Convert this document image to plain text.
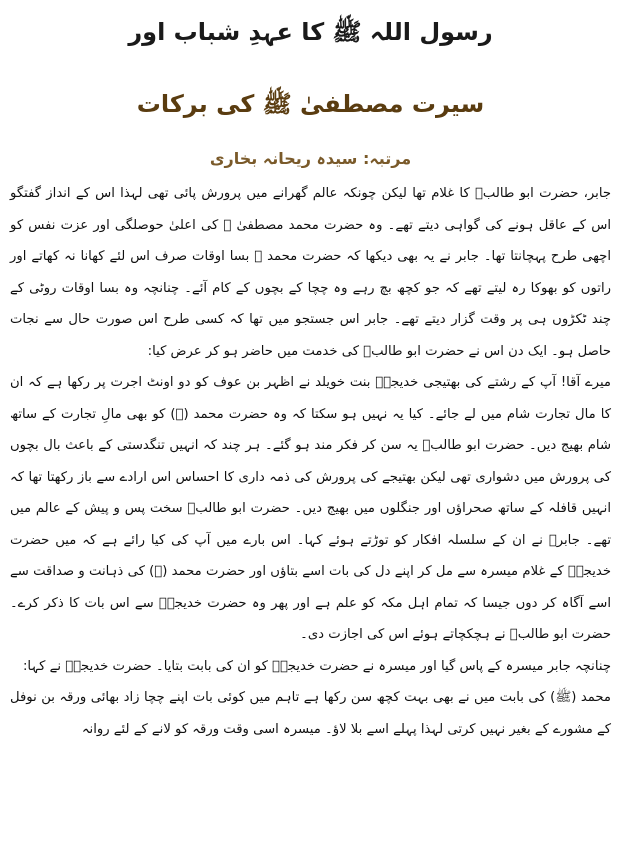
رسول اللہ ﷺ کا عہدِ شباب اور
سیرت مصطفیٰ ﷺ کی برکات
مرتبہ: سیدہ ریحانہ بخاری

جابر، حضرت ابو طالبؓ کا غلام تھا لیکن چونکہ عالم گھرانے میں پرورش پائی تھی لہذا اس کے انداز گفتگو اس کے عاقل ہونے کی گواہی دیتے تھے۔ وہ حضرت محمد مصطفیٰ ﷺ کی اعلیٰ حوصلگی اور عزت نفس کو اچھی طرح پہچانتا تھا۔ جابر نے یہ بھی دیکھا کہ حضرت محمد ﷺ بسا اوقات صرف اس لئے کھانا نہ کھاتے اور راتوں کو بھوکا رہ لیتے تھے کہ جو کچھ بچ رہے وہ چچا کے بچوں کے کام آئے۔ چنانچہ وہ بسا اوقات روٹی کے چند ٹکڑوں ہی پر وقت گزار دیتے تھے۔ جابر اس جستجو میں تھا کہ کسی طرح اس صورت حال سے نجات حاصل ہو۔ ایک دن اس نے حضرت ابو طالبؓ کی خدمت میں حاضر ہو کر عرض کیا:

میرے آقا! آپ کے رشتے کی بھتیجی خدیجہؓ بنت خویلد نے اظہر بن عوف کو دو اونٹ اجرت پر رکھا ہے کہ ان کا مال تجارت شام میں لے جائے۔ کیا یہ نہیں ہو سکتا کہ وہ حضرت محمد (ﷺ) کو بھی مالِ تجارت کے ساتھ شام بھیج دیں۔ حضرت ابو طالبؓ یہ سن کر فکر مند ہو گئے۔ ہر چند کہ انہیں تنگدستی کے باعث بال بچوں کی پرورش میں دشواری تھی لیکن بھتیجے کی پرورش کی ذمہ داری کا احساس اس ارادے سے باز رکھتا تھا کہ انہیں قافلہ کے ساتھ صحراؤں اور جنگلوں میں بھیج دیں۔ حضرت ابو طالبؓ سخت پس و پیش کے عالم میں تھے۔ جابرؓ نے ان کے سلسلہ افکار کو توڑتے ہوئے کہا۔ اس بارے میں آپ کی کیا رائے ہے کہ میں حضرت خدیجہؓ کے غلام میسرہ سے مل کر اپنے دل کی بات اسے بتاؤں اور حضرت محمد (ﷺ) کی ذہانت و صداقت سے اسے آگاہ کر دوں جیسا کہ تمام اہل مکہ کو علم ہے اور پھر وہ حضرت خدیجہؓ سے اس بات کا ذکر کرے۔ حضرت ابو طالبؓ نے ہچکچاتے ہوئے اس کی اجازت دی۔

چنانچہ جابر میسرہ کے پاس گیا اور میسرہ نے حضرت خدیجہؓ کو ان کی بابت بتایا۔ حضرت خدیجہؓ نے کہا:

محمد (ﷺ) کی بابت میں نے بھی بہت کچھ سن رکھا ہے تاہم میں کوئی بات اپنے چچا زاد بھائی ورقہ بن نوفل کے مشورے کے بغیر نہیں کرتی لہذا پہلے اسے بلا لاؤ۔ میسرہ اسی وقت ورقہ کو لانے کے لئے روانہ
